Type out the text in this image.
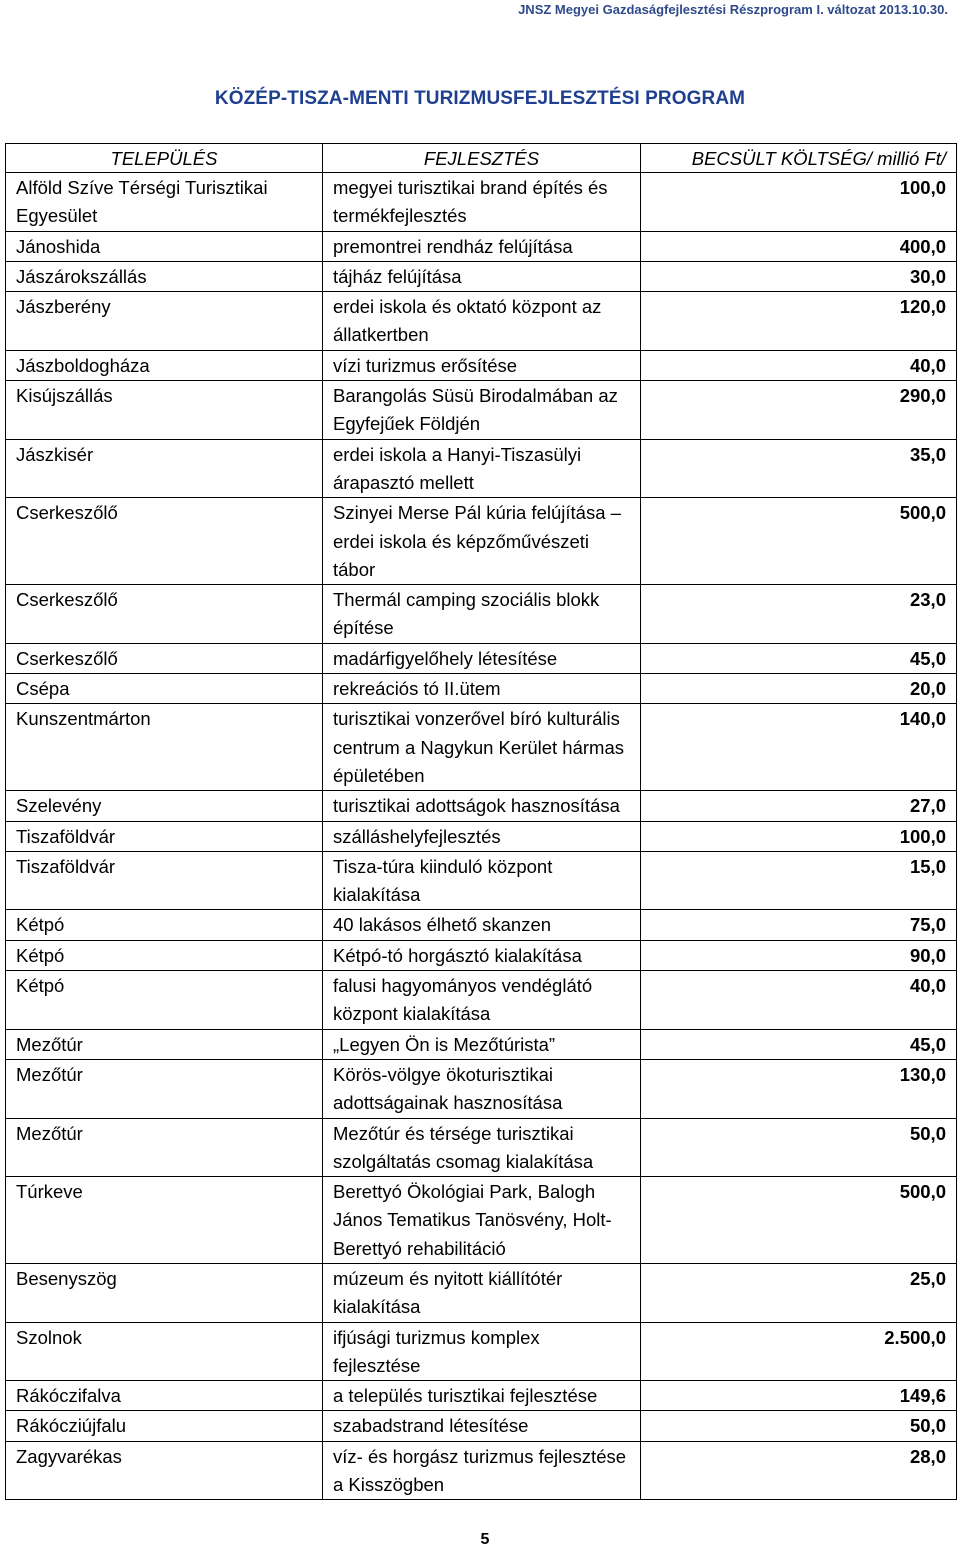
JNSZ Megyei Gazdaságfejlesztési Részprogram I. változat 2013.10.30.
KÖZÉP-TISZA-MENTI TURIZMUSFEJLESZTÉSI PROGRAM
TELEPÜLÉS	FEJLESZTÉS	BECSÜLT KÖLTSÉG/ millió Ft/
Alföld Szíve Térségi Turisztikai Egyesület	megyei turisztikai brand építés és termékfejlesztés	100,0
Jánoshida	premontrei rendház felújítása	400,0
Jászárokszállás	tájház felújítása	30,0
Jászberény	erdei iskola és oktató központ az állatkertben	120,0
Jászboldogháza	vízi turizmus erősítése	40,0
Kisújszállás	Barangolás Süsü Birodalmában az Egyfejűek Földjén	290,0
Jászkisér	erdei iskola a Hanyi-Tiszasülyi árapasztó mellett	35,0
Cserkeszőlő	Szinyei Merse Pál kúria felújítása –erdei iskola és képzőművészeti tábor	500,0
Cserkeszőlő	Thermál camping szociális blokk építése	23,0
Cserkeszőlő	madárfigyelőhely létesítése	45,0
Csépa	rekreációs tó II.ütem	20,0
Kunszentmárton	turisztikai vonzerővel bíró kulturális centrum a Nagykun Kerület hármas épületében	140,0
Szelevény	turisztikai adottságok hasznosítása	27,0
Tiszaföldvár	szálláshelyfejlesztés	100,0
Tiszaföldvár	Tisza-túra kiinduló központ kialakítása	15,0
Kétpó	40 lakásos élhető skanzen	75,0
Kétpó	Kétpó-tó horgásztó kialakítása	90,0
Kétpó	falusi hagyományos vendéglátó központ kialakítása	40,0
Mezőtúr	„Legyen Ön is Mezőtúrista”	45,0
Mezőtúr	Körös-völgye ökoturisztikai adottságainak hasznosítása	130,0
Mezőtúr	Mezőtúr és térsége turisztikai szolgáltatás csomag kialakítása	50,0
Túrkeve	Berettyó Ökológiai Park, Balogh János Tematikus Tanösvény, Holt-Berettyó rehabilitáció	500,0
Besenyszög	múzeum és nyitott kiállítótér kialakítása	25,0
Szolnok	ifjúsági turizmus komplex fejlesztése	2.500,0
Rákóczifalva	a település turisztikai fejlesztése	149,6
Rákócziújfalu	szabadstrand létesítése	50,0
Zagyvarékas	víz- és horgász turizmus fejlesztése a Kisszögben	28,0
5
